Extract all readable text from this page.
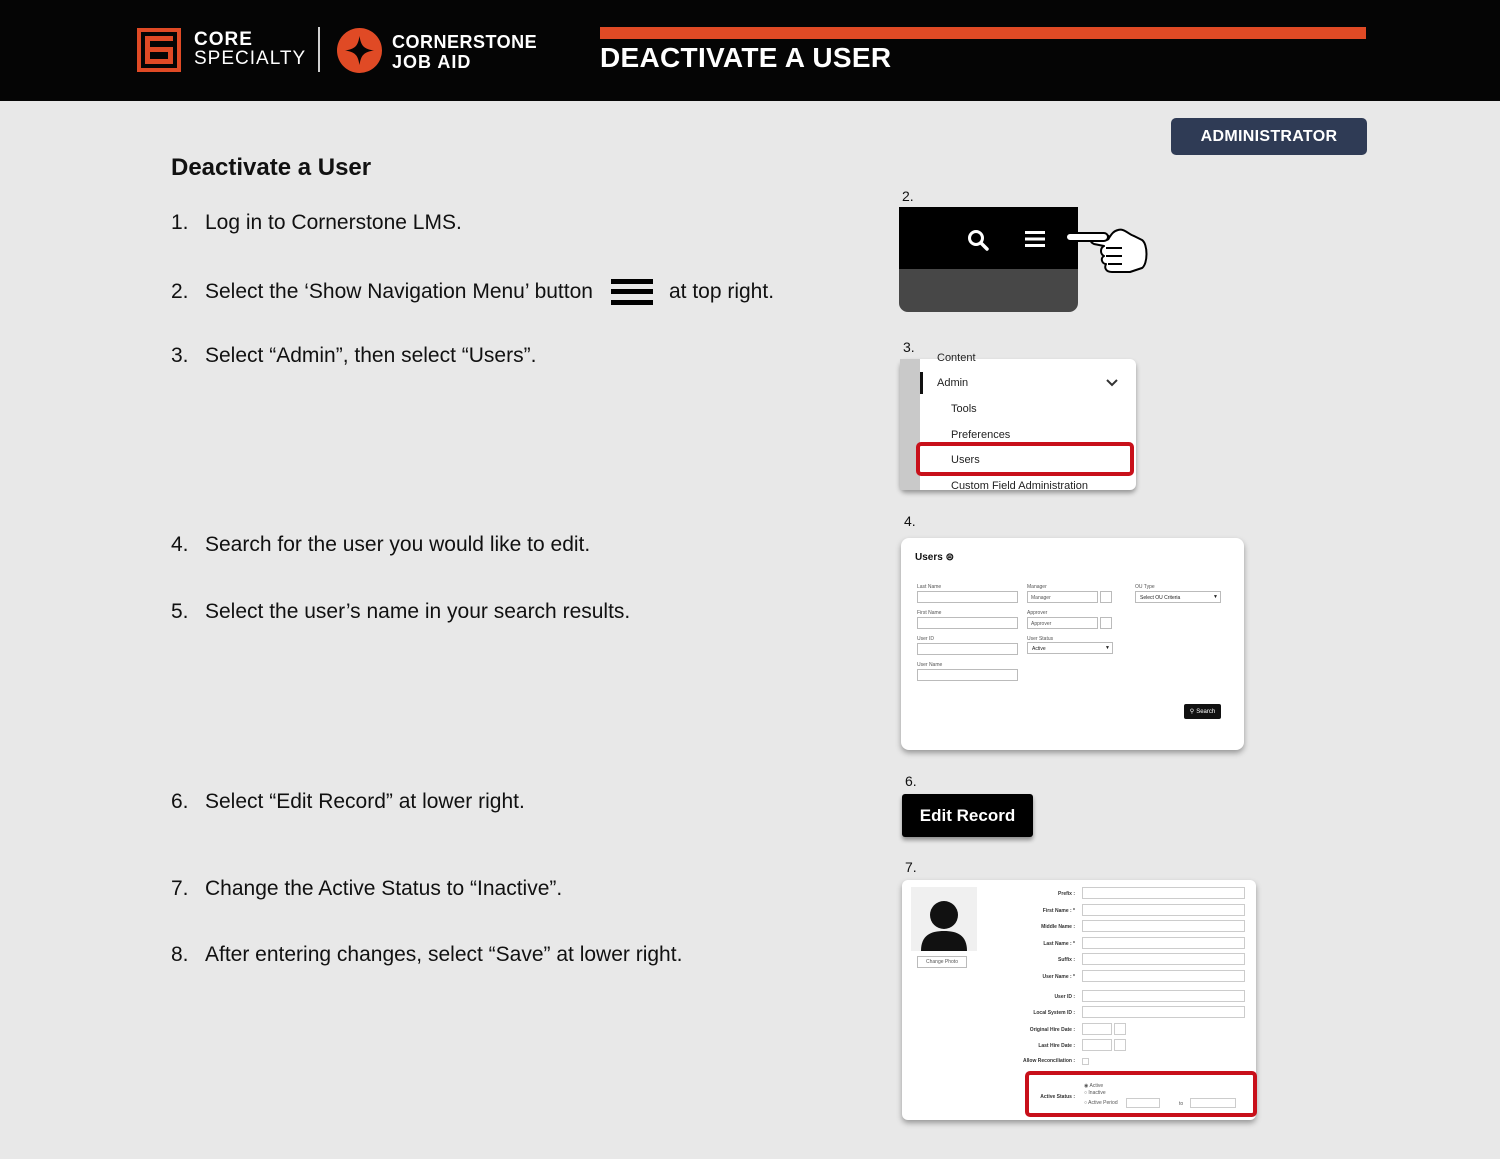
CORE
SPECIALTY
CORNERSTONE
JOB AID	DEACTIVATE A USER
ADMINISTRATOR
Deactivate a User
1. Log in to Cornerstone LMS.
2. Select the ‘Show Navigation Menu’ button	at top right.
3. Select “Admin”, then select “Users”.
4. Search for the user you would like to edit.
5. Select the user’s name in your search results.
6. Select “Edit Record” at lower right.
7. Change the Active Status to “Inactive”.
8. After entering changes, select “Save” at lower right.
2.
3.
Content
Admin
Tools
Preferences
Users
Custom Field Administration
4.
Users ⊜
Last Name
First Name
User ID
User Name
Manager
Manager
Approver
Approver
User Status
Active	▼
OU Type
Select OU Criteria	▼
⚲ Search
6.
Edit Record
7.
Change Photo
Prefix :
First Name : *
Middle Name :
Last Name : *
Suffix :
User Name : *
User ID :
Local System ID :
Original Hire Date :
Last Hire Date :
Allow Reconciliation :
Active Status :
◉ Active
○ Inactive
○ Active Period	to
